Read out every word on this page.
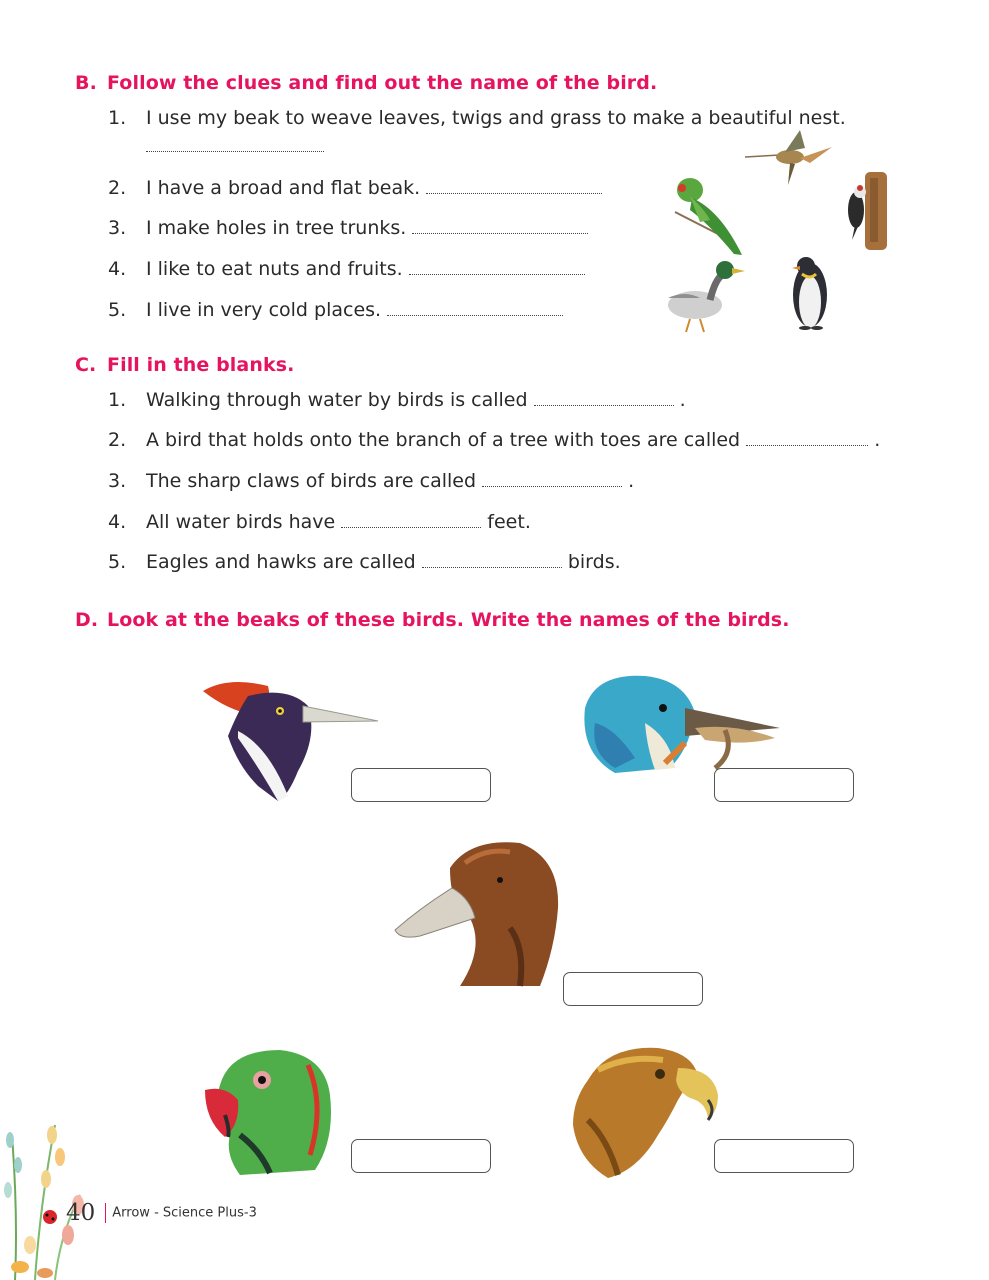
B. Follow the clues and find out the name of the bird.
1. I use my beak to weave leaves, twigs and grass to make a beautiful nest.
2. I have a broad and flat beak.
3. I make holes in tree trunks.
4. I like to eat nuts and fruits.
5. I live in very cold places.
C. Fill in the blanks.
1. Walking through water by birds is called	.
2. A bird that holds onto the branch of a tree with toes are called	.
3. The sharp claws of birds are called	.
4. All water birds have	feet.
5. Eagles and hawks are called	birds.
D. Look at the beaks of these birds. Write the names of the birds.
40 Arrow - Science Plus-3
